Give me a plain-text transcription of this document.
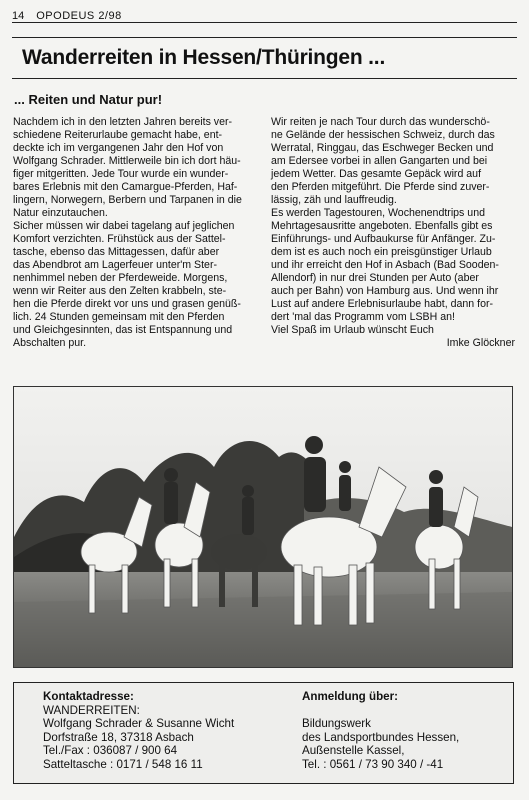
14 OPODEUS 2/98
Wanderreiten in Hessen/Thüringen ...
... Reiten und Natur pur!

Nachdem ich in den letzten Jahren bereits ver-
schiedene Reiterurlaube gemacht habe, ent-
deckte ich im vergangenen Jahr den Hof von
Wolfgang Schrader. Mittlerweile bin ich dort häu-
figer mitgeritten. Jede Tour wurde ein wunder-
bares Erlebnis mit den Camargue-Pferden, Haf-
lingern, Norwegern, Berbern und Tarpanen in die
Natur einzutauchen.
Sicher müssen wir dabei tagelang auf jeglichen
Komfort verzichten. Frühstück aus der Sattel-
tasche, ebenso das Mittagessen, dafür aber
das Abendbrot am Lagerfeuer unter'm Ster-
nenhimmel neben der Pferdeweide. Morgens,
wenn wir Reiter aus den Zelten krabbeln, ste-
hen die Pferde direkt vor uns und grasen genüß-
lich. 24 Stunden gemeinsam mit den Pferden
und Gleichgesinnten, das ist Entspannung und
Abschalten pur.

Wir reiten je nach Tour durch das wunderschö-
ne Gelände der hessischen Schweiz, durch das
Werratal, Ringgau, das Eschweger Becken und
am Edersee vorbei in allen Gangarten und bei
jedem Wetter. Das gesamte Gepäck wird auf
den Pferden mitgeführt. Die Pferde sind zuver-
lässig, zäh und lauffreudig.
Es werden Tagestouren, Wochenendtrips und
Mehrtagesausritte angeboten. Ebenfalls gibt es
Einführungs- und Aufbaukurse für Anfänger. Zu-
dem ist es auch noch ein preisgünstiger Urlaub
und ihr erreicht den Hof in Asbach (Bad Sooden-
Allendorf) in nur drei Stunden per Auto (aber
auch per Bahn) von Hamburg aus. Und wenn ihr
Lust auf andere Erlebnisurlaube habt, dann for-
dert 'mal das Programm vom LSBH an!
Viel Spaß im Urlaub wünscht Euch

Imke Glöckner
Kontaktadresse:
WANDERREITEN:
Wolfgang Schrader & Susanne Wicht
Dorfstraße 18, 37318 Asbach
Tel./Fax : 036087 / 900 64
Satteltasche : 0171 / 548 16 11
Anmeldung über:
Bildungswerk
des Landsportbundes Hessen,
Außenstelle Kassel,
Tel. : 0561 / 73 90 340 / -41
